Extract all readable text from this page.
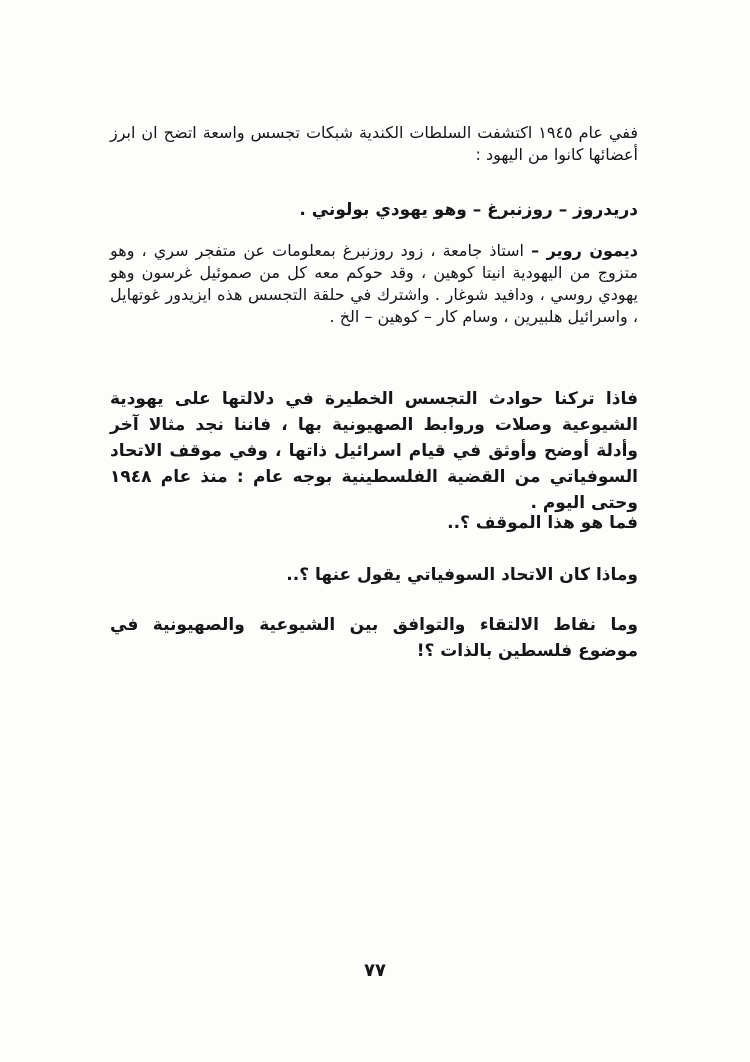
ففي عام ١٩٤٥ اكتشفت السلطات الكندية شبكات تجسس واسعة اتضح ان ابرز أعضائها كانوا من اليهود :

دريدروز – روزنبرغ – وهو يهودي بولوني .

ديمون روير – استاذ جامعة ، زود روزنبرغ بمعلومات عن متفجر سري ، وهو متزوج من اليهودية انيتا كوهين ، وقد حوكم معه كل من صموئيل غرسون وهو يهودي روسي ، ودافيد شوغار . واشترك في حلقة التجسس هذه ايزيدور غوتهايل ، واسرائيل هلبيرين ، وسام كار – كوهين – الخ .

فاذا تركنا حوادث التجسس الخطيرة في دلالتها على يهودية الشيوعية وصلات وروابط الصهيونية بها ، فاننا نجد مثالا آخر وأدلة أوضح وأوثق في قيام اسرائيل ذاتها ، وفي موقف الاتحاد السوفياتي من القضية الفلسطينية بوجه عام : منذ عام ١٩٤٨ وحتى اليوم .

فما هو هذا الموقف ؟..

وماذا كان الاتحاد السوفياتي يقول عنها ؟..

وما نقاط الالتقاء والتوافق بين الشيوعية والصهيونية في موضوع فلسطين بالذات ؟!

٧٧
